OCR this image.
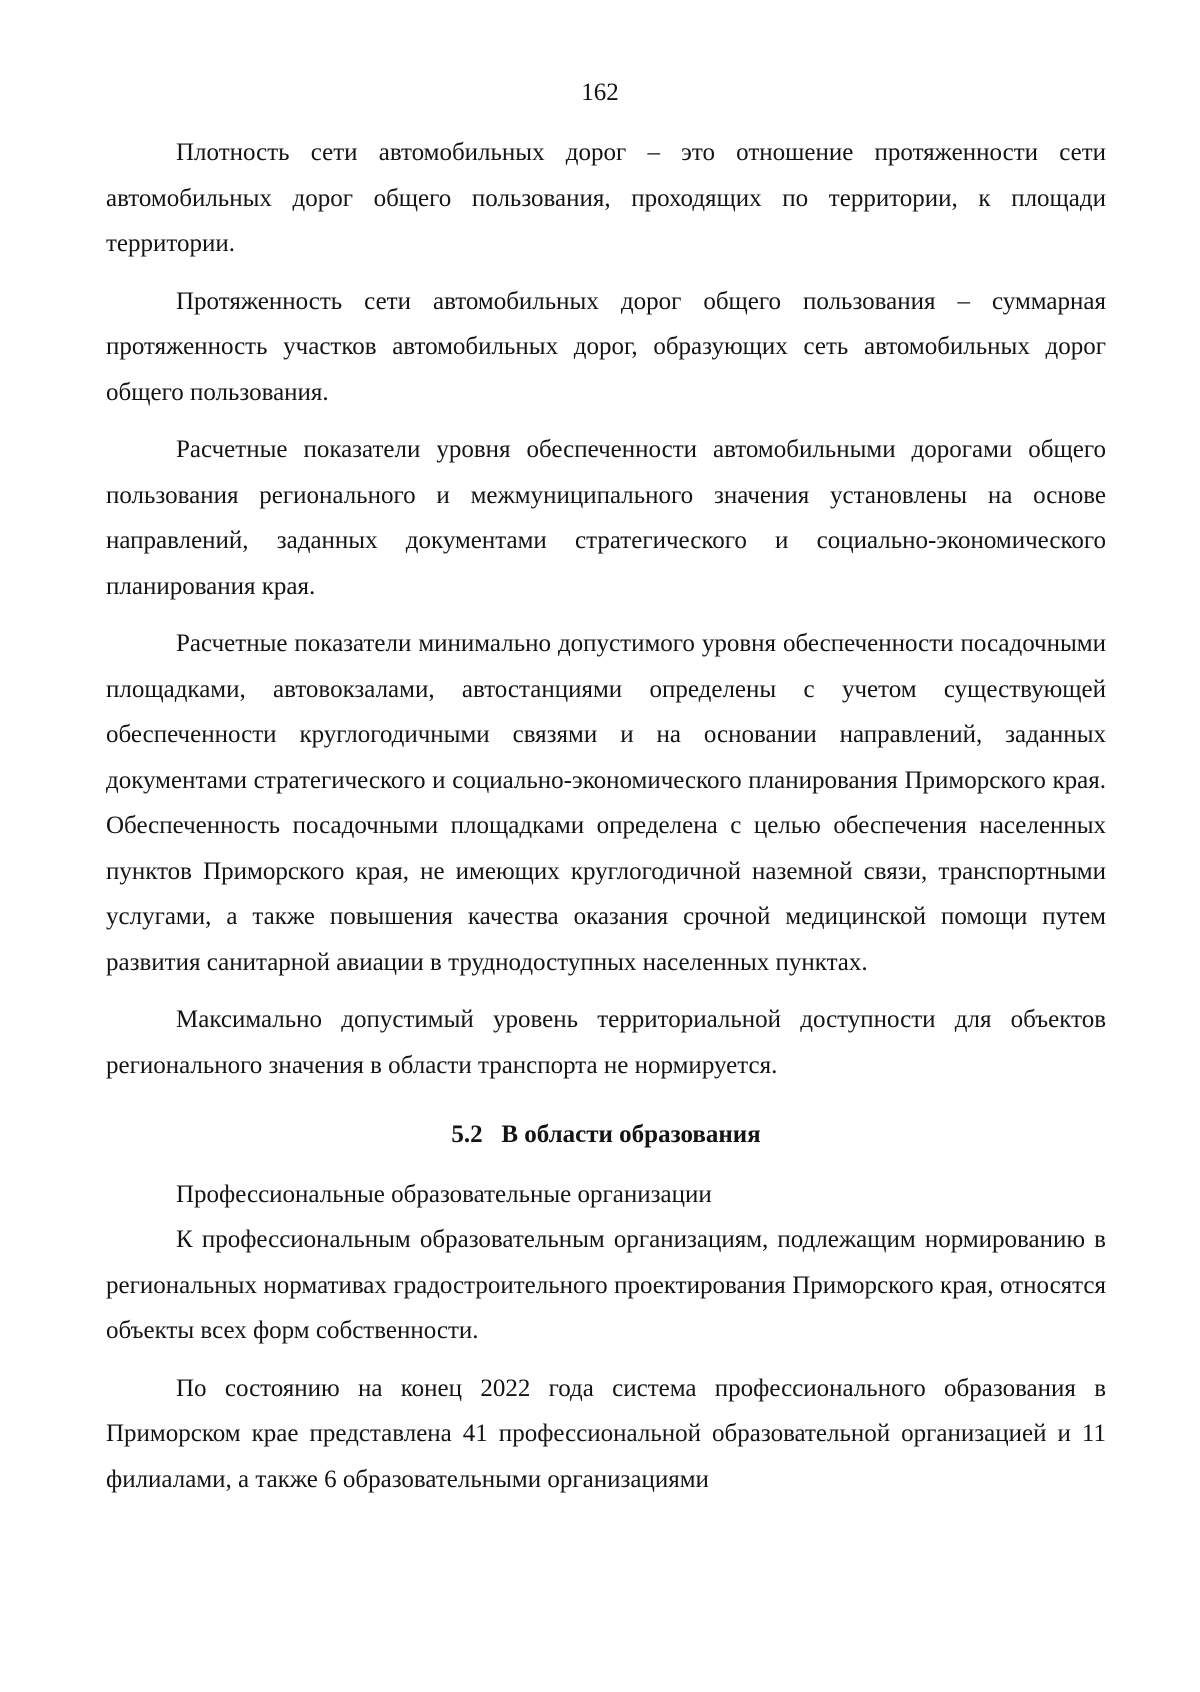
162

Плотность сети автомобильных дорог – это отношение протяженности сети автомобильных дорог общего пользования, проходящих по территории, к площади территории.

Протяженность сети автомобильных дорог общего пользования – суммарная протяженность участков автомобильных дорог, образующих сеть автомобильных дорог общего пользования.

Расчетные показатели уровня обеспеченности автомобильными дорогами общего пользования регионального и межмуниципального значения установлены на основе направлений, заданных документами стратегического и социально-экономического планирования края.

Расчетные показатели минимально допустимого уровня обеспеченности посадочными площадками, автовокзалами, автостанциями определены с учетом существующей обеспеченности круглогодичными связями и на основании направлений, заданных документами стратегического и социально-экономического планирования Приморского края. Обеспеченность посадочными площадками определена с целью обеспечения населенных пунктов Приморского края, не имеющих круглогодичной наземной связи, транспортными услугами, а также повышения качества оказания срочной медицинской помощи путем развития санитарной авиации в труднодоступных населенных пунктах.

Максимально допустимый уровень территориальной доступности для объектов регионального значения в области транспорта не нормируется.

5.2   В области образования

Профессиональные образовательные организации

К профессиональным образовательным организациям, подлежащим нормированию в региональных нормативах градостроительного проектирования Приморского края, относятся объекты всех форм собственности.

По состоянию на конец 2022 года система профессионального образования в Приморском крае представлена 41 профессиональной образовательной организацией и 11 филиалами, а также 6 образовательными организациями
